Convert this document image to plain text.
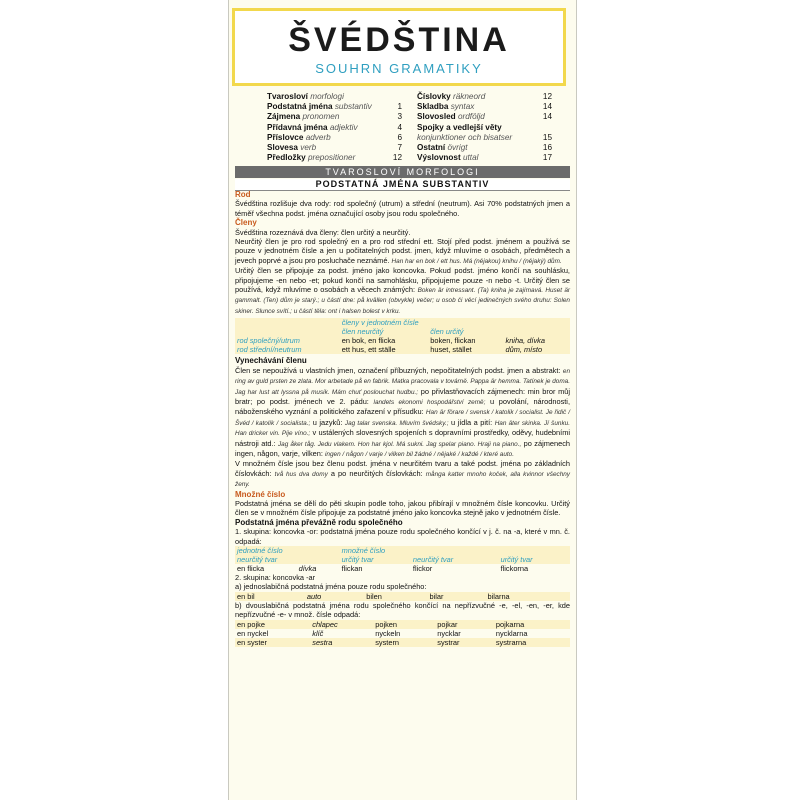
ŠVÉDŠTINA
SOUHRN GRAMATIKY
Tvarosloví morfologi
Podstatná jména substantiv	1
Zájmena pronomen	3
Přídavná jména adjektiv	4
Příslovce adverb	6
Slovesa verb	7
Předložky prepositioner	12
Číslovky räkneord	12
Skladba syntax	14
Slovosled ordföljd	14
Spojky a vedlejší věty
konjunktioner och bisatser	15
Ostatní övrigt	16
Výslovnost uttal	17
TVAROSLOVÍ MORFOLOGI
PODSTATNÁ JMÉNA SUBSTANTIV
Rod

Švédština rozlišuje dva rody: rod společný (utrum) a střední (neutrum). Asi 70% podstatných jmen a téměř všechna podst. jména označující osoby jsou rodu společného.

Členy

Švédština rozeznává dva členy: člen určitý a neurčitý.

Neurčitý člen je pro rod společný en a pro rod střední ett. Stojí před podst. jménem a používá se pouze v jednotném čísle a jen u počitatelných podst. jmen, když mluvíme o osobách, předmětech a jevech poprvé a jsou pro posluchače neznámé. Han har en bok / ett hus. Má (nějakou) knihu / (nějaký) dům.

Určitý člen se připojuje za podst. jméno jako koncovka. Pokud podst. jméno končí na souhlásku, připojujeme -en nebo -et; pokud končí na samohlásku, připojujeme pouze -n nebo -t. Určitý člen se používá, když mluvíme o osobách a věcech známých: Boken är intressant. (Ta) kniha je zajímavá. Huset är gammalt. (Ten) dům je starý.; u částí dne: på kvällen (obvykle) večer; u osob či věcí jedinečných svého druhu: Solen skiner. Slunce svítí.; u částí těla: ont i halsen bolest v krku.

	členy v jednotném čísle		
	člen neurčitý	člen určitý	
rod společný/utrum	en bok, en flicka	boken, flickan	kniha, dívka
rod střední/neutrum	ett hus, ett ställe	huset, stället	dům, místo
Vynechávání členu

Člen se nepoužívá u vlastních jmen, označení příbuzných, nepočitatelných podst. jmen a abstrakt: en ring av guld prsten ze zlata. Mor arbetade på en fabrik. Matka pracovala v továrně. Pappa är hemma. Tatínek je doma. Jag har lust att lyssna på musik. Mám chuť poslouchat hudbu.; po přivlastňovacích zájmenech: min bror můj bratr; po podst. jménech ve 2. pádu: landets ekonomi hospodářství země; u povolání, národnosti, náboženského vyznání a politického zařazení v přísudku: Han är förare / svensk / katolik / socialist. Je řidič / Švéd / katolík / socialista.; u jazyků: Jag talar svenska. Mluvím švédsky.; u jídla a pití: Han äter skinka. Jí šunku. Han dricker vin. Pije víno.; v ustálených slovesných spojeních s dopravními prostředky, oděvy, hudebními nástroji atd.: Jag åker tåg. Jedu vlakem. Hon har kjol. Má sukni. Jag spelar piano. Hraji na piano., po zájmenech ingen, någon, varje, vilken: ingen / någon / varje / vilken bil žádné / nějaké / každé / které auto.

V množném čísle jsou bez členu podst. jména v neurčitém tvaru a také podst. jména po základních číslovkách: två hus dva domy a po neurčitých číslovkách: många katter mnoho koček, alla kvinnor všechny ženy.

Množné číslo

Podstatná jména se dělí do pěti skupin podle toho, jakou přibírají v množném čísle koncovku. Určitý člen se v množném čísle připojuje za podstatné jméno jako koncovka stejně jako v jednotném čísle.

Podstatná jména převážně rodu společného

1. skupina: koncovka -or: podstatná jména pouze rodu společného končící v j. č. na -a, které v mn. č. odpadá:

jednotné číslo		množné číslo		
neurčitý tvar		určitý tvar	neurčitý tvar	určitý tvar
en flicka	dívka	flickan	flickor	flickorna

2. skupina: koncovka -ar

a) jednoslabičná podstatná jména pouze rodu společného:

en bil	auto	bilen	bilar	bilarna

b) dvouslabičná podstatná jména rodu společného končící na nepřízvučné -e, -el, -en, -er, kde nepřízvučné -e- v množ. čísle odpadá:

en pojke	chlapec	pojken	pojkar	pojkarna
en nyckel	klíč	nyckeln	nycklar	nycklarna
en syster	sestra	systern	systrar	systrarna
